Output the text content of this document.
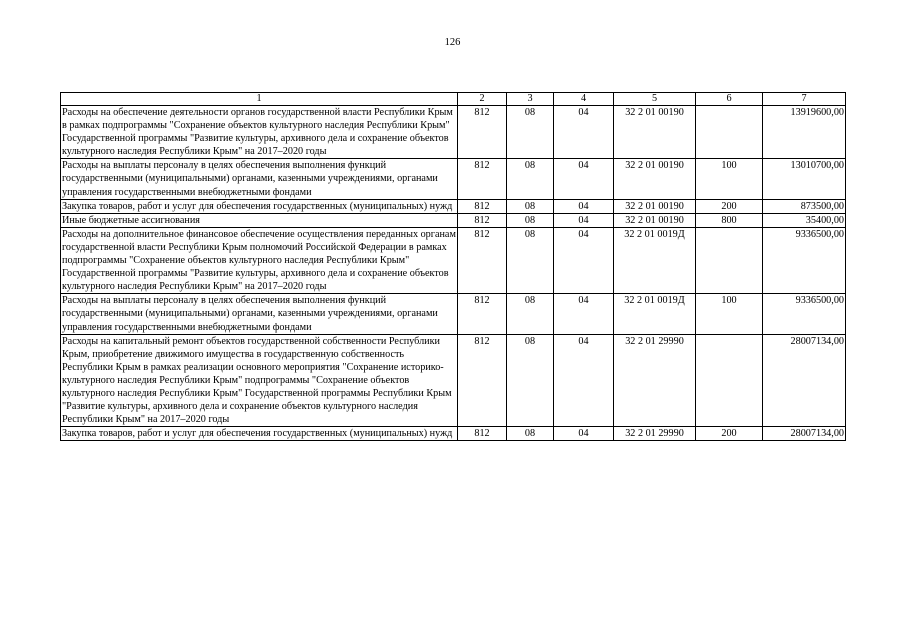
126
1	2	3	4	5	6	7
Расходы на обеспечение деятельности органов государственной власти Республики Крым в рамках подпрограммы "Сохранение объектов культурного наследия Республики Крым" Государственной программы "Развитие культуры, архивного дела и сохранение объектов культурного наследия Республики Крым" на 2017–2020 годы	812	08	04	32 2 01 00190		13919600,00
Расходы на выплаты персоналу в целях обеспечения выполнения функций государственными (муниципальными) органами, казенными учреждениями, органами управления государственными внебюджетными фондами	812	08	04	32 2 01 00190	100	13010700,00
Закупка товаров, работ и услуг для обеспечения государственных (муниципальных) нужд	812	08	04	32 2 01 00190	200	873500,00
Иные бюджетные ассигнования	812	08	04	32 2 01 00190	800	35400,00
Расходы на дополнительное финансовое обеспечение осуществления переданных органам государственной власти Республики Крым полномочий Российской Федерации в рамках подпрограммы "Сохранение объектов культурного наследия Республики Крым" Государственной программы "Развитие культуры, архивного дела и сохранение объектов культурного наследия Республики Крым" на 2017–2020 годы	812	08	04	32 2 01 0019Д		9336500,00
Расходы на выплаты персоналу в целях обеспечения выполнения функций государственными (муниципальными) органами, казенными учреждениями, органами управления государственными внебюджетными фондами	812	08	04	32 2 01 0019Д	100	9336500,00
Расходы на капитальный ремонт объектов государственной собственности Республики Крым, приобретение движимого имущества в государственную собственность Республики Крым в рамках реализации основного мероприятия "Сохранение историко-культурного наследия Республики Крым" подпрограммы "Сохранение объектов культурного наследия Республики Крым" Государственной программы Республики Крым "Развитие культуры, архивного дела и сохранение объектов культурного наследия Республики Крым" на 2017–2020 годы	812	08	04	32 2 01 29990		28007134,00
Закупка товаров, работ и услуг для обеспечения государственных (муниципальных) нужд	812	08	04	32 2 01 29990	200	28007134,00
